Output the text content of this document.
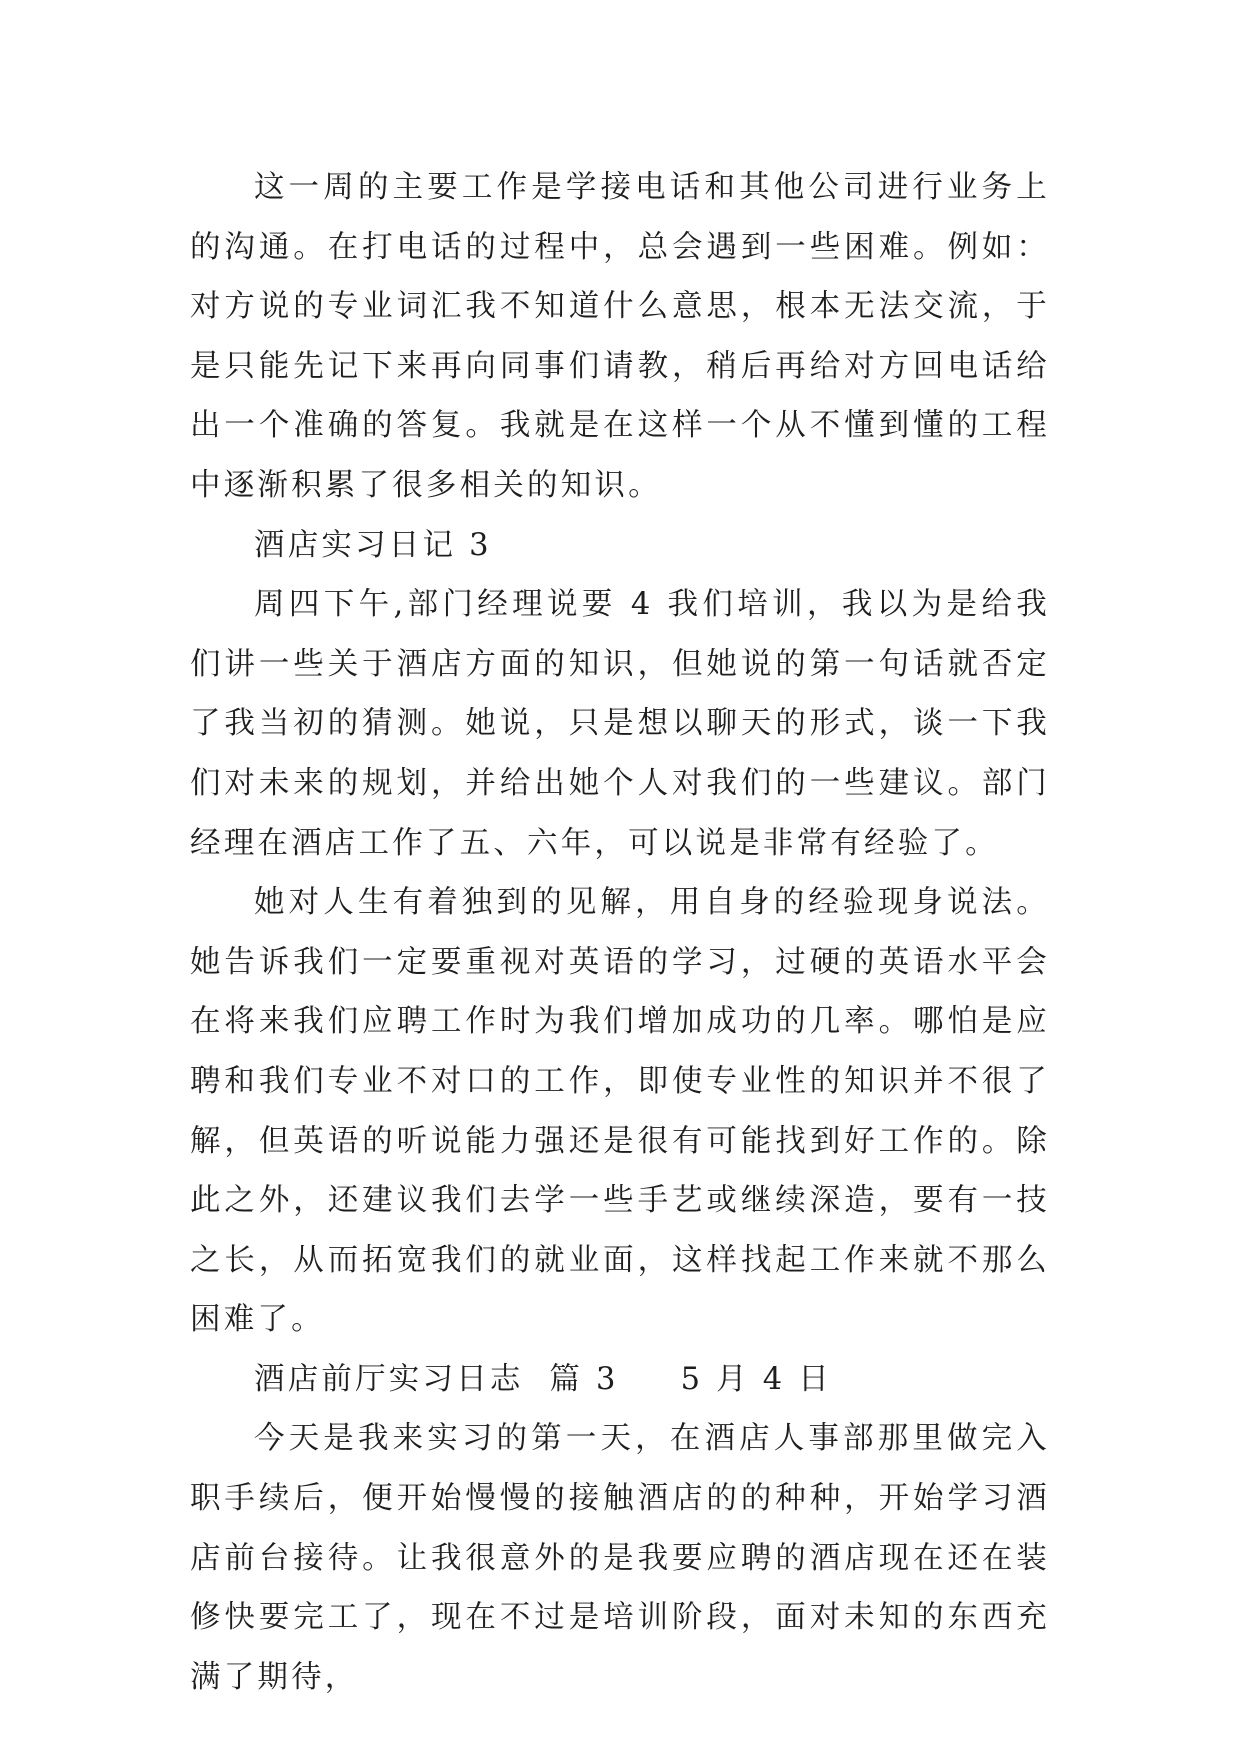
这一周的主要工作是学接电话和其他公司进行业务上的沟通。在打电话的过程中，总会遇到一些困难。例如：对方说的专业词汇我不知道什么意思，根本无法交流，于是只能先记下来再向同事们请教，稍后再给对方回电话给出一个准确的答复。我就是在这样一个从不懂到懂的工程中逐渐积累了很多相关的知识。

酒店实习日记 3

周四下午,部门经理说要 4 我们培训，我以为是给我们讲一些关于酒店方面的知识，但她说的第一句话就否定了我当初的猜测。她说，只是想以聊天的形式，谈一下我们对未来的规划，并给出她个人对我们的一些建议。部门经理在酒店工作了五、六年，可以说是非常有经验了。

她对人生有着独到的见解，用自身的经验现身说法。她告诉我们一定要重视对英语的学习，过硬的英语水平会在将来我们应聘工作时为我们增加成功的几率。哪怕是应聘和我们专业不对口的工作，即使专业性的知识并不很了解，但英语的听说能力强还是很有可能找到好工作的。除此之外，还建议我们去学一些手艺或继续深造，要有一技之长，从而拓宽我们的就业面，这样找起工作来就不那么困难了。

酒店前厅实习日志  篇 3 5 月 4 日

今天是我来实习的第一天，在酒店人事部那里做完入职手续后，便开始慢慢的接触酒店的的种种，开始学习酒店前台接待。让我很意外的是我要应聘的酒店现在还在装修快要完工了，现在不过是培训阶段，面对未知的东西充满了期待，
